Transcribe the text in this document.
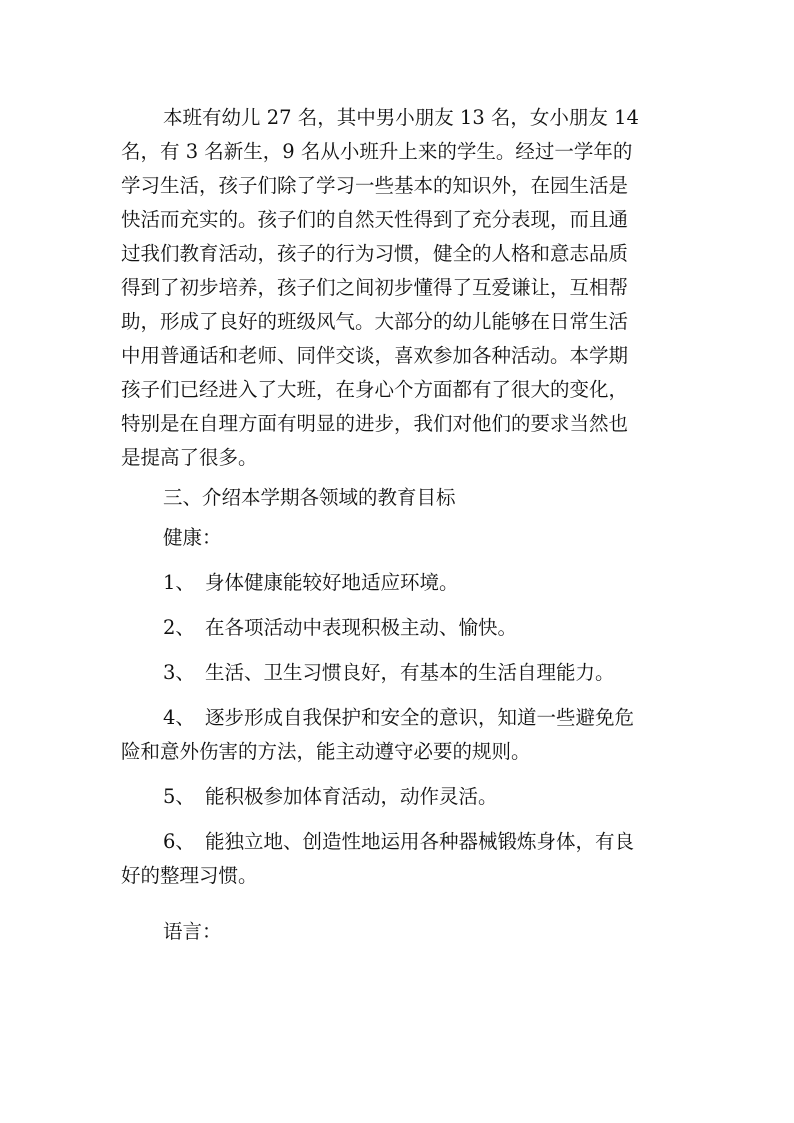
本班有幼儿 27 名，其中男小朋友 13 名，女小朋友 14
名，有 3 名新生，9 名从小班升上来的学生。经过一学年的
学习生活，孩子们除了学习一些基本的知识外，在园生活是
快活而充实的。孩子们的自然天性得到了充分表现，而且通
过我们教育活动，孩子的行为习惯，健全的人格和意志品质
得到了初步培养，孩子们之间初步懂得了互爱谦让，互相帮
助，形成了良好的班级风气。大部分的幼儿能够在日常生活
中用普通话和老师、同伴交谈，喜欢参加各种活动。本学期
孩子们已经进入了大班，在身心个方面都有了很大的变化，
特别是在自理方面有明显的进步，我们对他们的要求当然也
是提高了很多。
三、介绍本学期各领域的教育目标
健康：
1、 身体健康能较好地适应环境。
2、 在各项活动中表现积极主动、愉快。
3、 生活、卫生习惯良好，有基本的生活自理能力。
4、 逐步形成自我保护和安全的意识，知道一些避免危
险和意外伤害的方法，能主动遵守必要的规则。
5、 能积极参加体育活动，动作灵活。
6、 能独立地、创造性地运用各种器械锻炼身体，有良
好的整理习惯。
语言：
